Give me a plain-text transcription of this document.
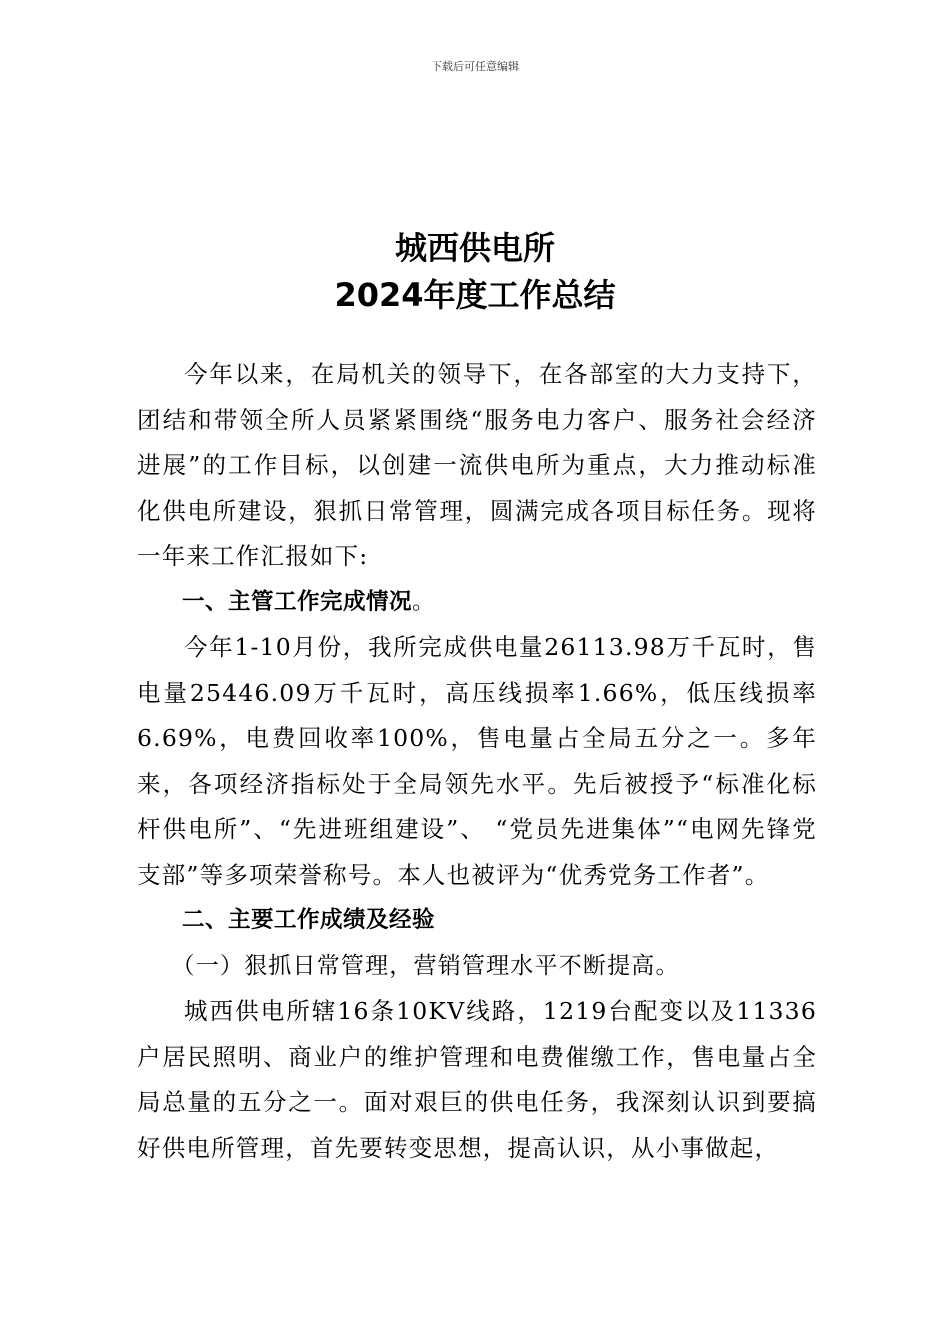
下载后可任意编辑
城西供电所
2024年度工作总结

今年以来，在局机关的领导下，在各部室的大力支持下，团结和带领全所人员紧紧围绕“服务电力客户、服务社会经济进展”的工作目标，以创建一流供电所为重点，大力推动标准化供电所建设，狠抓日常管理，圆满完成各项目标任务。现将一年来工作汇报如下:

一、主管工作完成情况。

今年1-10月份，我所完成供电量26113.98万千瓦时，售电量25446.09万千瓦时，高压线损率1.66%，低压线损率6.69%，电费回收率100%，售电量占全局五分之一。多年来，各项经济指标处于全局领先水平。先后被授予“标准化标杆供电所”、“先进班组建设”、 “党员先进集体”“电网先锋党支部”等多项荣誉称号。本人也被评为“优秀党务工作者”。

二、主要工作成绩及经验

（一）狠抓日常管理，营销管理水平不断提高。

城西供电所辖16条10KV线路，1219台配变以及11336户居民照明、商业户的维护管理和电费催缴工作，售电量占全局总量的五分之一。面对艰巨的供电任务，我深刻认识到要搞好供电所管理，首先要转变思想，提高认识，从小事做起，
